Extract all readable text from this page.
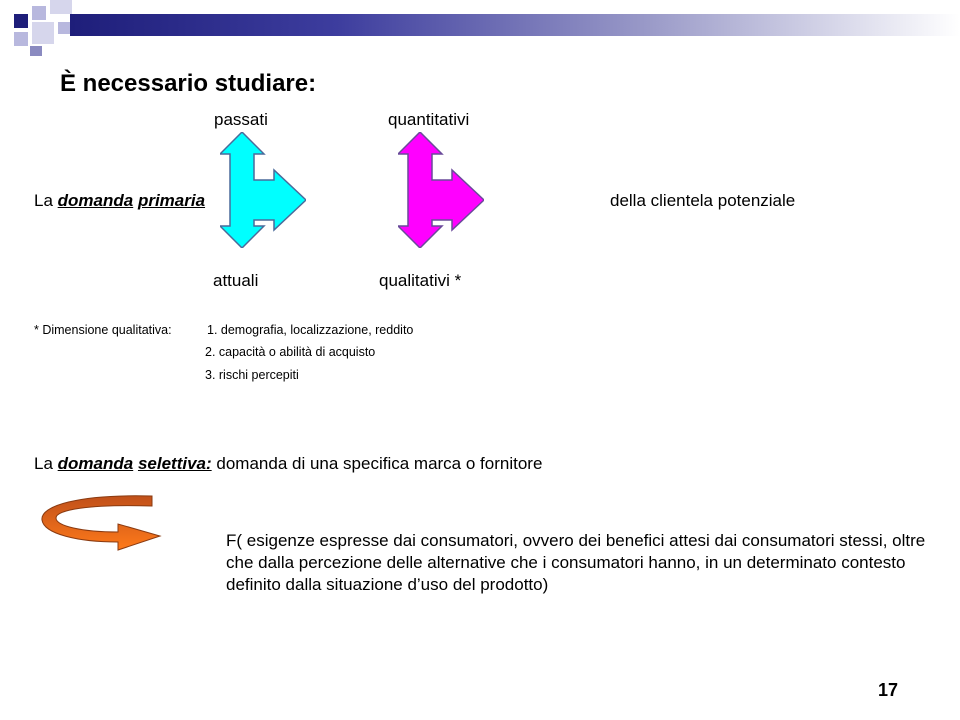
È necessario studiare:
passati	quantitativi
attuali	qualitativi *
La domanda primaria	della clientela potenziale
* Dimensione qualitativa:	1. demografia, localizzazione, reddito
2. capacità o abilità di acquisto
3. rischi percepiti
La domanda selettiva: domanda di una specifica marca o fornitore
F( esigenze espresse dai consumatori, ovvero dei benefici attesi dai consumatori stessi, oltre che dalla percezione delle alternative che i consumatori hanno, in un determinato contesto definito dalla situazione d’uso del prodotto)
17
